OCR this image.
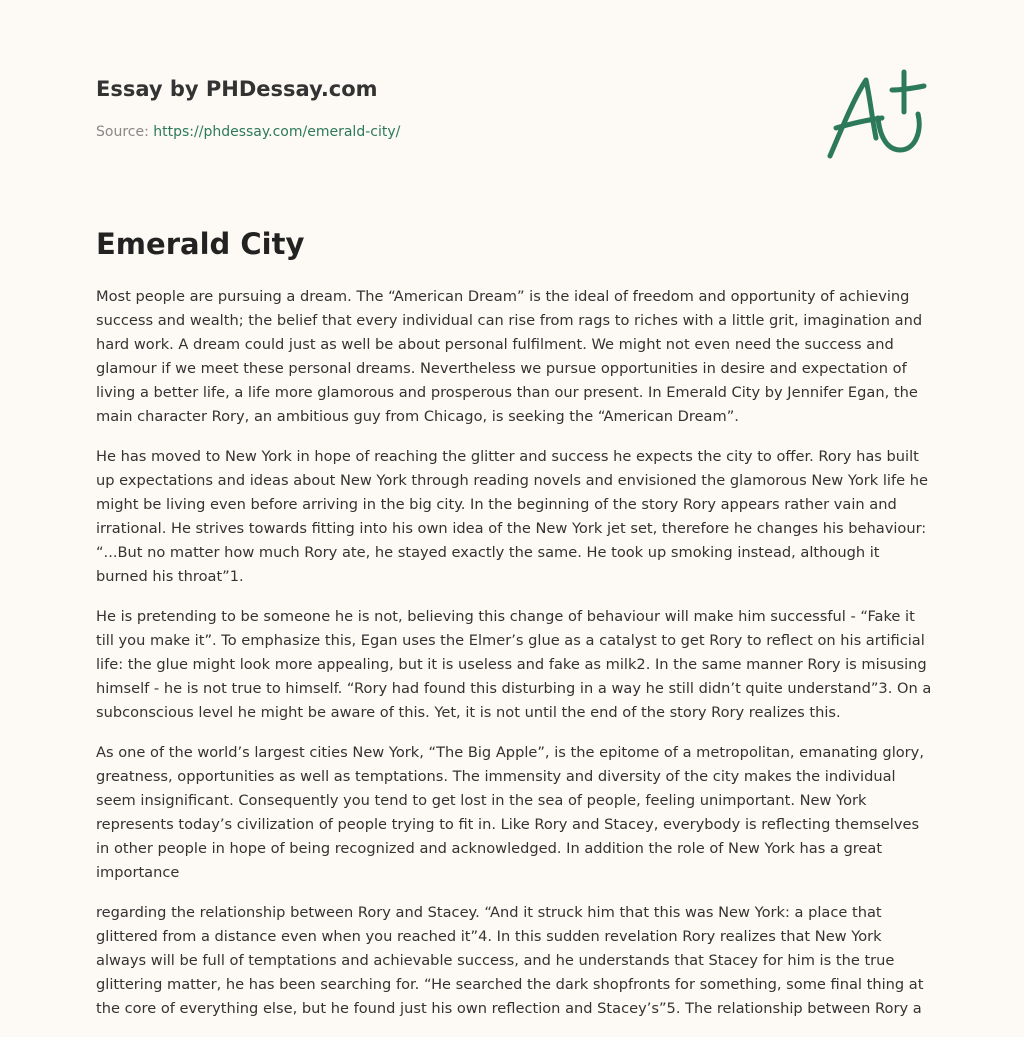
Essay by PHDessay.com
Source: https://phdessay.com/emerald-city/
Emerald City

Most people are pursuing a dream. The “American Dream” is the ideal of freedom and opportunity of achieving success and wealth; the belief that every individual can rise from rags to riches with a little grit, imagination and hard work. A dream could just as well be about personal fulfilment. We might not even need the success and glamour if we meet these personal dreams. Nevertheless we pursue opportunities in desire and expectation of living a better life, a life more glamorous and prosperous than our present. In Emerald City by Jennifer Egan, the main character Rory, an ambitious guy from Chicago, is seeking the “American Dream”.

He has moved to New York in hope of reaching the glitter and success he expects the city to offer. Rory has built up expectations and ideas about New York through reading novels and envisioned the glamorous New York life he might be living even before arriving in the big city. In the beginning of the story Rory appears rather vain and irrational. He strives towards fitting into his own idea of the New York jet set, therefore he changes his behaviour: “...But no matter how much Rory ate, he stayed exactly the same. He took up smoking instead, although it burned his throat”1.

He is pretending to be someone he is not, believing this change of behaviour will make him successful - “Fake it till you make it”. To emphasize this, Egan uses the Elmer’s glue as a catalyst to get Rory to reflect on his artificial life: the glue might look more appealing, but it is useless and fake as milk2. In the same manner Rory is misusing himself - he is not true to himself. “Rory had found this disturbing in a way he still didn’t quite understand”3. On a subconscious level he might be aware of this. Yet, it is not until the end of the story Rory realizes this.

As one of the world’s largest cities New York, “The Big Apple”, is the epitome of a metropolitan, emanating glory, greatness, opportunities as well as temptations. The immensity and diversity of the city makes the individual seem insignificant. Consequently you tend to get lost in the sea of people, feeling unimportant. New York represents today’s civilization of people trying to fit in. Like Rory and Stacey, everybody is reflecting themselves in other people in hope of being recognized and acknowledged. In addition the role of New York has a great importance

regarding the relationship between Rory and Stacey. “And it struck him that this was New York: a place that glittered from a distance even when you reached it”4. In this sudden revelation Rory realizes that New York always will be full of temptations and achievable success, and he understands that Stacey for him is the true glittering matter, he has been searching for. “He searched the dark shopfronts for something, some final thing at the core of everything else, but he found just his own reflection and Stacey’s”5. The relationship between Rory a
